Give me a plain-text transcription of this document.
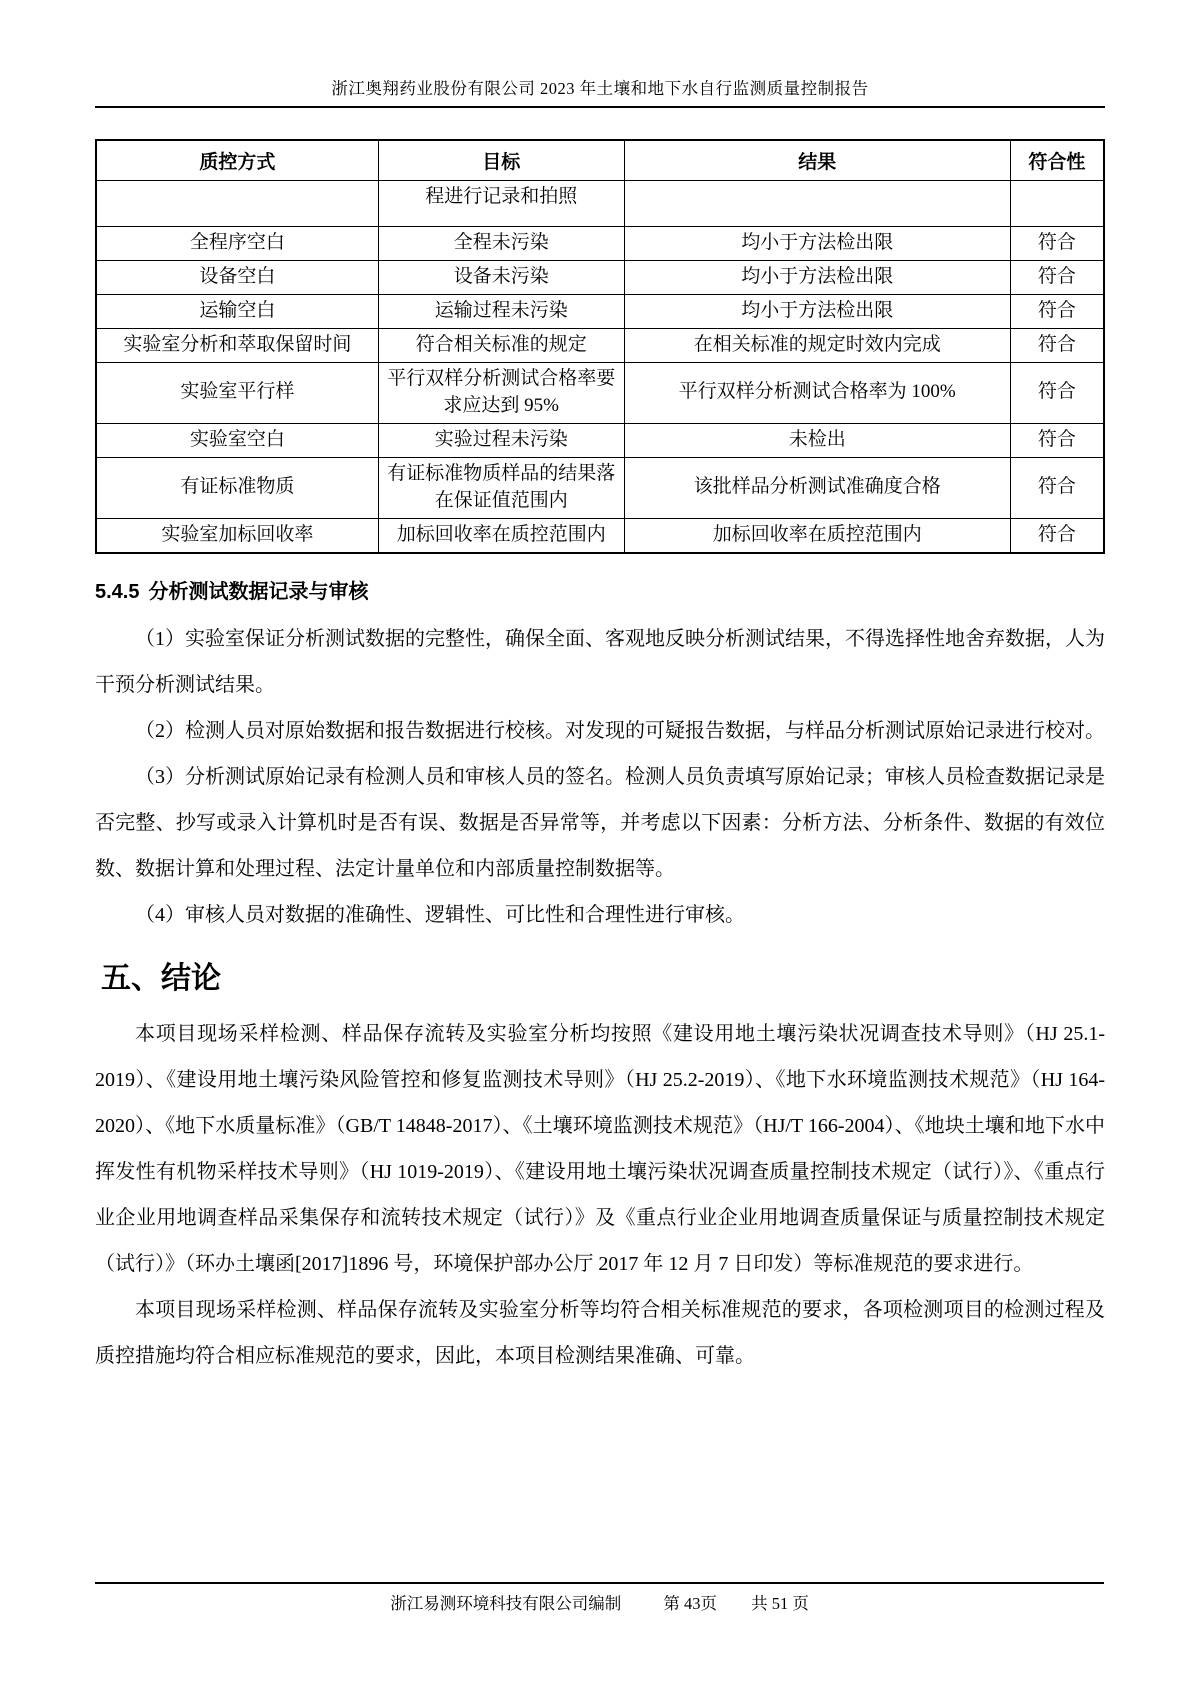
浙江奥翔药业股份有限公司 2023 年土壤和地下水自行监测质量控制报告
质控方式	目标	结果	符合性
	程进行记录和拍照		
全程序空白	全程未污染	均小于方法检出限	符合
设备空白	设备未污染	均小于方法检出限	符合
运输空白	运输过程未污染	均小于方法检出限	符合
实验室分析和萃取保留时间	符合相关标准的规定	在相关标准的规定时效内完成	符合
实验室平行样	平行双样分析测试合格率要求应达到 95%	平行双样分析测试合格率为 100%	符合
实验室空白	实验过程未污染	未检出	符合
有证标准物质	有证标准物质样品的结果落在保证值范围内	该批样品分析测试准确度合格	符合
实验室加标回收率	加标回收率在质控范围内	加标回收率在质控范围内	符合
5.4.5 分析测试数据记录与审核

（1）实验室保证分析测试数据的完整性，确保全面、客观地反映分析测试结果，不得选择性地舍弃数据，人为干预分析测试结果。

（2）检测人员对原始数据和报告数据进行校核。对发现的可疑报告数据，与样品分析测试原始记录进行校对。

（3）分析测试原始记录有检测人员和审核人员的签名。检测人员负责填写原始记录；审核人员检查数据记录是否完整、抄写或录入计算机时是否有误、数据是否异常等，并考虑以下因素：分析方法、分析条件、数据的有效位数、数据计算和处理过程、法定计量单位和内部质量控制数据等。

（4）审核人员对数据的准确性、逻辑性、可比性和合理性进行审核。

五、结论

本项目现场采样检测、样品保存流转及实验室分析均按照《建设用地土壤污染状况调查技术导则》（HJ 25.1-2019）、《建设用地土壤污染风险管控和修复监测技术导则》（HJ 25.2-2019）、《地下水环境监测技术规范》（HJ 164-2020）、《地下水质量标准》（GB/T 14848-2017）、《土壤环境监测技术规范》（HJ/T 166-2004）、《地块土壤和地下水中挥发性有机物采样技术导则》（HJ 1019-2019）、《建设用地土壤污染状况调查质量控制技术规定（试行）》、《重点行业企业用地调查样品采集保存和流转技术规定（试行）》及《重点行业企业用地调查质量保证与质量控制技术规定（试行）》（环办土壤函[2017]1896 号，环境保护部办公厅 2017 年 12 月 7 日印发）等标准规范的要求进行。

本项目现场采样检测、样品保存流转及实验室分析等均符合相关标准规范的要求，各项检测项目的检测过程及质控措施均符合相应标准规范的要求，因此，本项目检测结果准确、可靠。

浙江易测环境科技有限公司编制	第 43页 共 51 页
